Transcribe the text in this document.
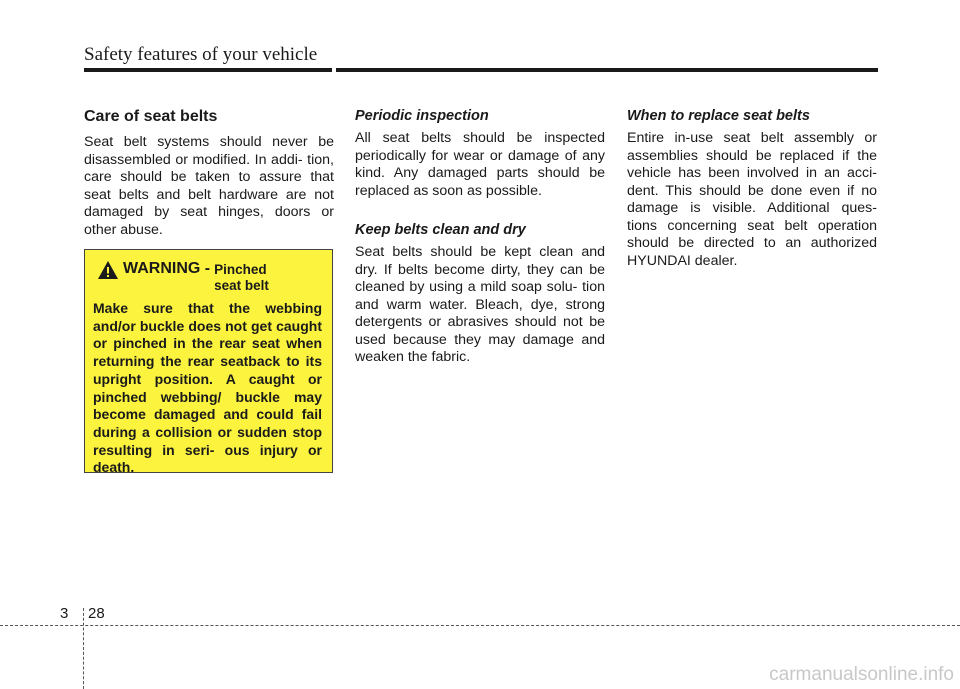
Safety features of your vehicle
Care of seat belts

Seat belt systems should never be disassembled or modified. In addi- tion, care should be taken to assure that seat belts and belt hardware are not damaged by seat hinges, doors or other abuse.

WARNING - Pinched seat belt

Make sure that the webbing and/or buckle does not get caught or pinched in the rear seat when returning the rear seatback to its upright position. A caught or pinched webbing/ buckle may become damaged and could fail during a collision or sudden stop resulting in seri- ous injury or death.

Periodic inspection

All seat belts should be inspected periodically for wear or damage of any kind. Any damaged parts should be replaced as soon as possible.

Keep belts clean and dry

Seat belts should be kept clean and dry. If belts become dirty, they can be cleaned by using a mild soap solu- tion and warm water. Bleach, dye, strong detergents or abrasives should not be used because they may damage and weaken the fabric.

When to replace seat belts

Entire in-use seat belt assembly or assemblies should be replaced if the vehicle has been involved in an acci- dent. This should be done even if no damage is visible. Additional ques- tions concerning seat belt operation should be directed to an authorized HYUNDAI dealer.

3 28
carmanualsonline.info
